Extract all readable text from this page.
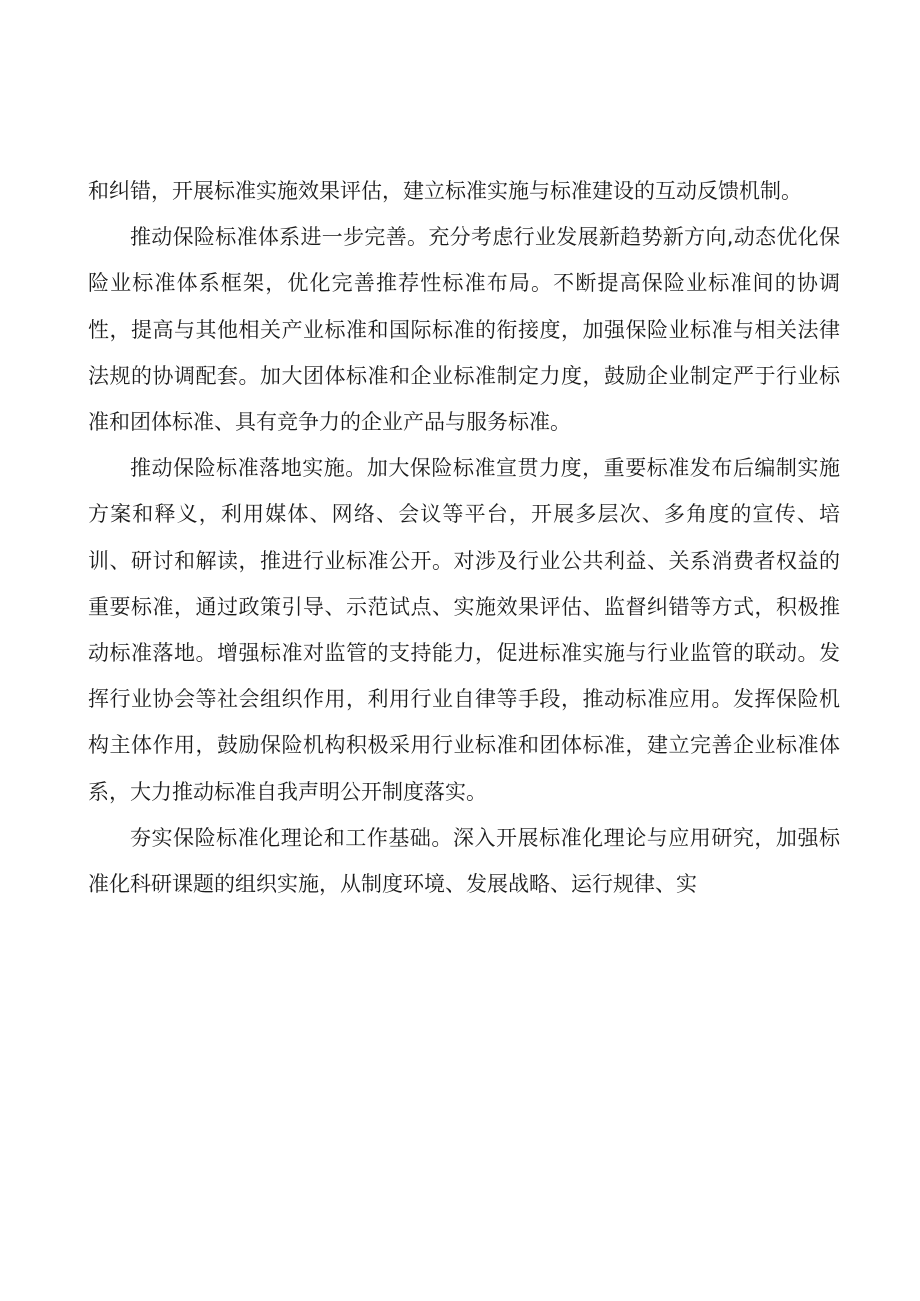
和纠错，开展标准实施效果评估，建立标准实施与标准建设的互动反馈机制。

推动保险标准体系进一步完善。充分考虑行业发展新趋势新方向,动态优化保险业标准体系框架，优化完善推荐性标准布局。不断提高保险业标准间的协调性，提高与其他相关产业标准和国际标准的衔接度，加强保险业标准与相关法律法规的协调配套。加大团体标准和企业标准制定力度，鼓励企业制定严于行业标准和团体标准、具有竞争力的企业产品与服务标准。

推动保险标准落地实施。加大保险标准宣贯力度，重要标准发布后编制实施方案和释义，利用媒体、网络、会议等平台，开展多层次、多角度的宣传、培训、研讨和解读，推进行业标准公开。对涉及行业公共利益、关系消费者权益的重要标准，通过政策引导、示范试点、实施效果评估、监督纠错等方式，积极推动标准落地。增强标准对监管的支持能力，促进标准实施与行业监管的联动。发挥行业协会等社会组织作用，利用行业自律等手段，推动标准应用。发挥保险机构主体作用，鼓励保险机构积极采用行业标准和团体标准，建立完善企业标准体系，大力推动标准自我声明公开制度落实。

夯实保险标准化理论和工作基础。深入开展标准化理论与应用研究，加强标准化科研课题的组织实施，从制度环境、发展战略、运行规律、实
